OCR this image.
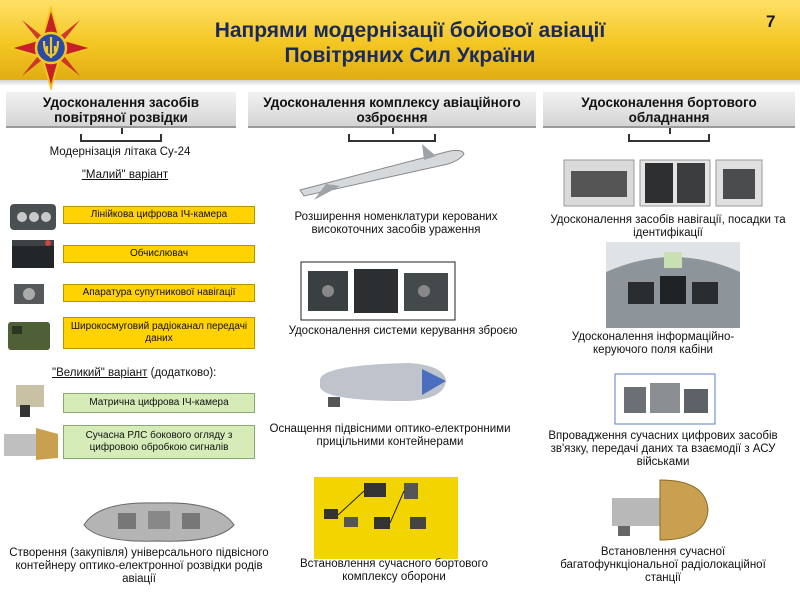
Напрями модернізації бойової авіації
Повітряних Сил України
7
Удосконалення засобів повітряної розвідки
Удосконалення комплексу авіаційного озброєння
Удосконалення бортового обладнання
Модернізація літака Су-24
"Малий" варіант
Лінійкова цифрова ІЧ-камера
Обчислювач
Апаратура супутникової навігації
Широкосмуговий радіоканал передачі даних
"Великий" варіант (додатково):
Матрична цифрова ІЧ-камера
Сучасна РЛС бокового огляду з цифровою обробкою сигналів
Створення (закупівля) універсального підвісного контейнеру оптико-електронної розвідки родів авіації
Розширення номенклатури керованих високоточних засобів ураження
Удосконалення системи керування зброєю
Оснащення підвісними оптико-електронними прицільними контейнерами
Встановлення сучасного бортового комплексу оборони
Удосконалення засобів навігації, посадки та ідентифікації
Удосконалення інформаційно-керуючого поля кабіни
Впровадження сучасних цифрових засобів зв'язку, передачі даних та взаємодії з АСУ військами
Встановлення сучасної багатофункціональної радіолокаційної станції
